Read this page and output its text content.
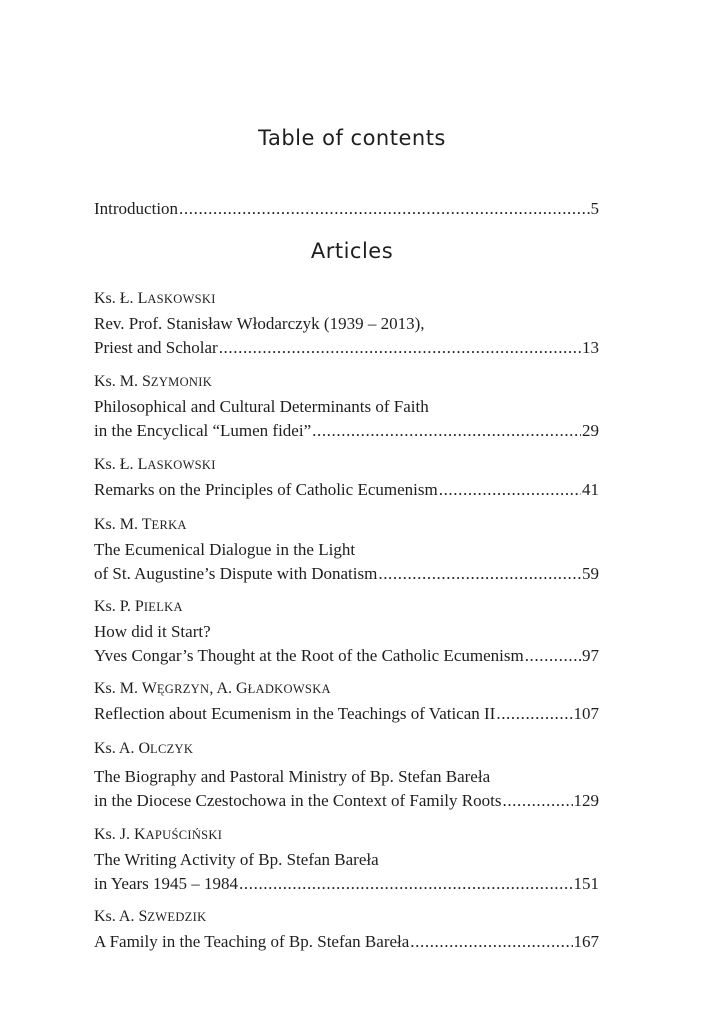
Table of contents
Introduction .....	5
Articles
Ks. Ł. LASKOWSKI
Rev. Prof. Stanisław Włodarczyk (1939 – 2013),
Priest and Scholar .....	13
Ks. M. SZYMONIK
Philosophical and Cultural Determinants of Faith
in the Encyclical “Lumen fidei” .....	29
Ks. Ł. LASKOWSKI
Remarks on the Principles of Catholic Ecumenism .....	41
Ks. M. TERKA
The Ecumenical Dialogue in the Light
of St. Augustine’s Dispute with Donatism .....	59
Ks. P. PIELKA
How did it Start?
Yves Congar’s Thought at the Root of the Catholic Ecumenism .....	97
Ks. M. WĘGRZYN, A. GŁADKOWSKA
Reflection about Ecumenism in the Teachings of Vatican II .....	107
Ks. A. OLCZYK
The Biography and Pastoral Ministry of Bp. Stefan Bareła
in the Diocese Czestochowa in the Context of Family Roots .....	129
Ks. J. KAPUŚCIŃSKI
The Writing Activity of Bp. Stefan Bareła
in Years 1945 – 1984 .....	151
Ks. A. SZWEDZIK
A Family in the Teaching of Bp. Stefan Bareła .....	167
